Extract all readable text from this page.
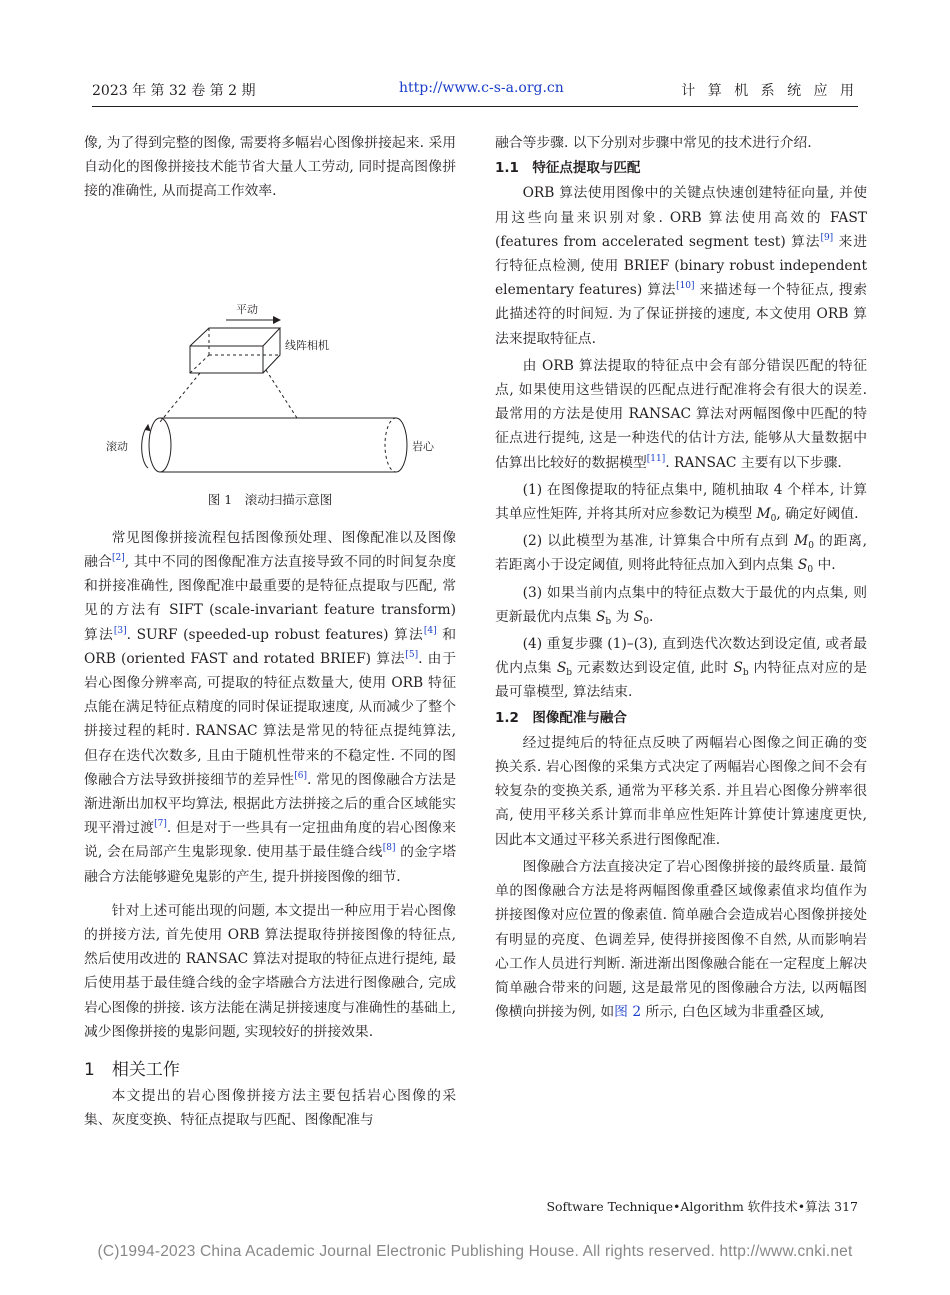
2023 年 第 32 卷 第 2 期	http://www.c-s-a.org.cn	计 算 机 系 统 应 用

像, 为了得到完整的图像, 需要将多幅岩心图像拼接起来. 采用自动化的图像拼接技术能节省大量人工劳动, 同时提高图像拼接的准确性, 从而提高工作效率.

平动
线阵相机
滚动	岩心

图 1　滚动扫描示意图

常见图像拼接流程包括图像预处理、图像配准以及图像融合[2], 其中不同的图像配准方法直接导致不同的时间复杂度和拼接准确性, 图像配准中最重要的是特征点提取与匹配, 常见的方法有 SIFT (scale-invariant feature transform) 算法[3]. SURF (speeded-up robust features) 算法[4] 和 ORB (oriented FAST and rotated BRIEF) 算法[5]. 由于岩心图像分辨率高, 可提取的特征点数量大, 使用 ORB 特征点能在满足特征点精度的同时保证提取速度, 从而减少了整个拼接过程的耗时. RANSAC 算法是常见的特征点提纯算法, 但存在迭代次数多, 且由于随机性带来的不稳定性. 不同的图像融合方法导致拼接细节的差异性[6]. 常见的图像融合方法是渐进渐出加权平均算法, 根据此方法拼接之后的重合区域能实现平滑过渡[7]. 但是对于一些具有一定扭曲角度的岩心图像来说, 会在局部产生鬼影现象. 使用基于最佳缝合线[8] 的金字塔融合方法能够避免鬼影的产生, 提升拼接图像的细节.

针对上述可能出现的问题, 本文提出一种应用于岩心图像的拼接方法, 首先使用 ORB 算法提取待拼接图像的特征点, 然后使用改进的 RANSAC 算法对提取的特征点进行提纯, 最后使用基于最佳缝合线的金字塔融合方法进行图像融合, 完成岩心图像的拼接. 该方法能在满足拼接速度与准确性的基础上, 减少图像拼接的鬼影问题, 实现较好的拼接效果.

1　相关工作

本文提出的岩心图像拼接方法主要包括岩心图像的采集、灰度变换、特征点提取与匹配、图像配准与

融合等步骤. 以下分别对步骤中常见的技术进行介绍.

1.1　特征点提取与匹配

ORB 算法使用图像中的关键点快速创建特征向量, 并使用这些向量来识别对象. ORB 算法使用高效的 FAST (features from accelerated segment test) 算法[9] 来进行特征点检测, 使用 BRIEF (binary robust independent elementary features) 算法[10] 来描述每一个特征点, 搜索此描述符的时间短. 为了保证拼接的速度, 本文使用 ORB 算法来提取特征点.

由 ORB 算法提取的特征点中会有部分错误匹配的特征点, 如果使用这些错误的匹配点进行配准将会有很大的误差. 最常用的方法是使用 RANSAC 算法对两幅图像中匹配的特征点进行提纯, 这是一种迭代的估计方法, 能够从大量数据中估算出比较好的数据模型[11]. RANSAC 主要有以下步骤.

(1) 在图像提取的特征点集中, 随机抽取 4 个样本, 计算其单应性矩阵, 并将其所对应参数记为模型 $M_0$, 确定好阈值.

(2) 以此模型为基准, 计算集合中所有点到 $M_0$ 的距离, 若距离小于设定阈值, 则将此特征点加入到内点集 $S_0$ 中.

(3) 如果当前内点集中的特征点数大于最优的内点集, 则更新最优内点集 $S_b$ 为 $S_0$.

(4) 重复步骤 (1)–(3), 直到迭代次数达到设定值, 或者最优内点集 $S_b$ 元素数达到设定值, 此时 $S_b$ 内特征点对应的是最可靠模型, 算法结束.

1.2　图像配准与融合

经过提纯后的特征点反映了两幅岩心图像之间正确的变换关系. 岩心图像的采集方式决定了两幅岩心图像之间不会有较复杂的变换关系, 通常为平移关系. 并且岩心图像分辨率很高, 使用平移关系计算而非单应性矩阵计算使计算速度更快, 因此本文通过平移关系进行图像配准.

图像融合方法直接决定了岩心图像拼接的最终质量. 最简单的图像融合方法是将两幅图像重叠区域像素值求均值作为拼接图像对应位置的像素值. 简单融合会造成岩心图像拼接处有明显的亮度、色调差异, 使得拼接图像不自然, 从而影响岩心工作人员进行判断. 渐进渐出图像融合能在一定程度上解决简单融合带来的问题, 这是最常见的图像融合方法, 以两幅图像横向拼接为例, 如图 2 所示, 白色区域为非重叠区域,

Software Technique•Algorithm 软件技术•算法 317
(C)1994-2023 China Academic Journal Electronic Publishing House. All rights reserved. http://www.cnki.net
